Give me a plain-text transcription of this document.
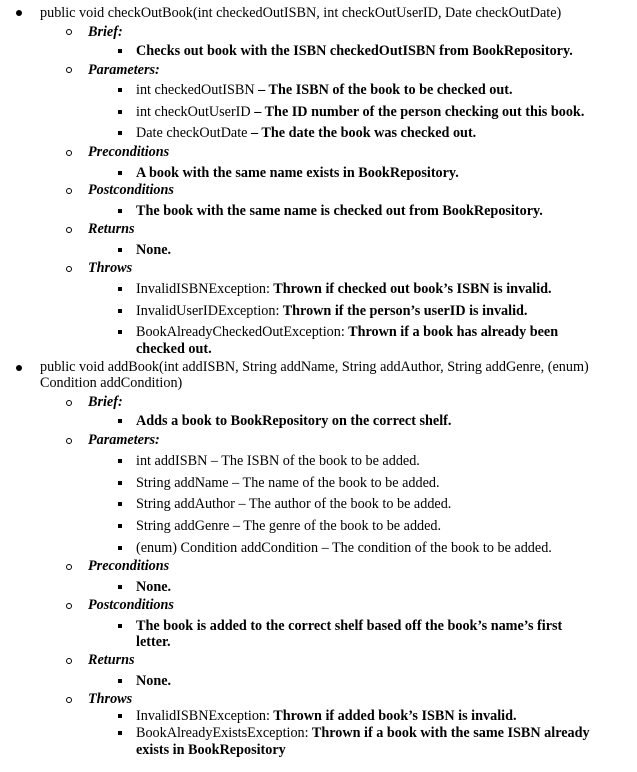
public void checkOutBook(int checkedOutISBN, int checkOutUserID, Date checkOutDate)
Brief:
Checks out book with the ISBN checkedOutISBN from BookRepository.
Parameters:
int checkedOutISBN – The ISBN of the book to be checked out.
int checkOutUserID – The ID number of the person checking out this book.
Date checkOutDate – The date the book was checked out.
Preconditions
A book with the same name exists in BookRepository.
Postconditions
The book with the same name is checked out from BookRepository.
Returns
None.
Throws
InvalidISBNException: Thrown if checked out book’s ISBN is invalid.
InvalidUserIDException: Thrown if the person’s userID is invalid.
BookAlreadyCheckedOutException: Thrown if a book has already been
checked out.
public void addBook(int addISBN, String addName, String addAuthor, String addGenre, (enum)
Condition addCondition)
Brief:
Adds a book to BookRepository on the correct shelf.
Parameters:
int addISBN – The ISBN of the book to be added.
String addName – The name of the book to be added.
String addAuthor – The author of the book to be added.
String addGenre – The genre of the book to be added.
(enum) Condition addCondition – The condition of the book to be added.
Preconditions
None.
Postconditions
The book is added to the correct shelf based off the book’s name’s first
letter.
Returns
None.
Throws
InvalidISBNException: Thrown if added book’s ISBN is invalid.
BookAlreadyExistsException: Thrown if a book with the same ISBN already
exists in BookRepository
